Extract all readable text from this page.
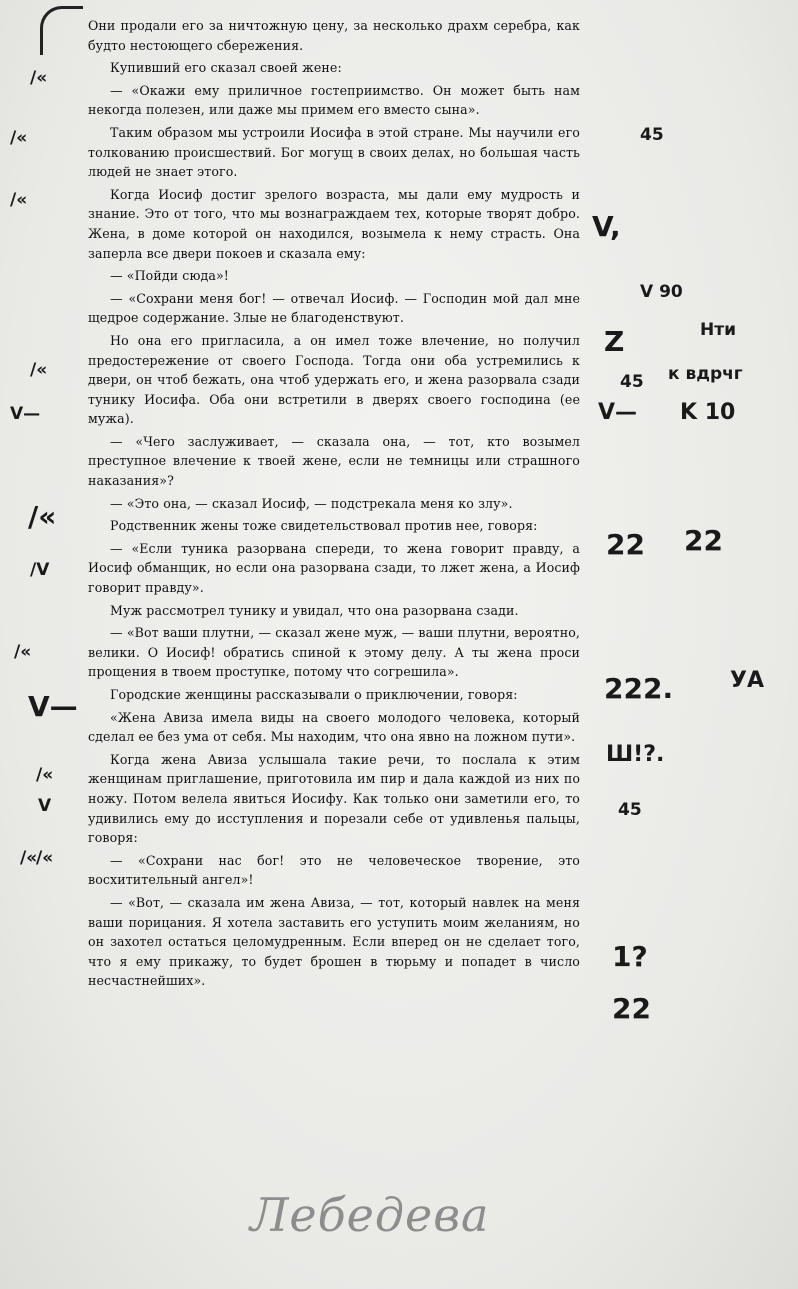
Они продали его за ничтожную цену, за несколько драхм серебра, как будто нестоющего сбережения.

Купивший его сказал своей жене:

— «Окажи ему приличное гостеприимство. Он может быть нам некогда полезен, или даже мы примем его вместо сына».

Таким образом мы устроили Иосифа в этой стране. Мы научили его толкованию происшествий. Бог могущ в своих делах, но большая часть людей не знает этого.

Когда Иосиф достиг зрелого возраста, мы дали ему мудрость и знание. Это от того, что мы вознаграждаем тех, которые творят добро. Жена, в доме которой он находился, возымела к нему страсть. Она заперла все двери покоев и сказала ему:

— «Пойди сюда»!

— «Сохрани меня бог! — отвечал Иосиф. — Господин мой дал мне щедрое содержание. Злые не благоденствуют.

Но она его пригласила, а он имел тоже влечение, но получил предостережение от своего Господа. Тогда они оба устремились к двери, он чтоб бежать, она чтоб удержать его, и жена разорвала сзади тунику Иосифа. Оба они встретили в дверях своего господина (ее мужа).

— «Чего заслуживает, — сказала она, — тот, кто возымел преступное влечение к твоей жене, если не темницы или страшного наказания»?

— «Это она, — сказал Иосиф, — подстрекала меня ко злу».

Родственник жены тоже свидетельствовал против нее, говоря:

— «Если туника разорвана спереди, то жена говорит правду, а Иосиф обманщик, но если она разорвана сзади, то лжет жена, а Иосиф говорит правду».

Муж рассмотрел тунику и увидал, что она разорвана сзади.

— «Вот ваши плутни, — сказал жене муж, — ваши плутни, вероятно, велики. О Иосиф! обратись спиной к этому делу. А ты жена проси прощения в твоем проступке, потому что согрешила».

Городские женщины рассказывали о приключении, говоря:

«Жена Авиза имела виды на своего молодого человека, который сделал ее без ума от себя. Мы находим, что она явно на ложном пути».

Когда жена Авиза услышала такие речи, то послала к этим женщинам приглашение, приготовила им пир и дала каждой из них по ножу. Потом велела явиться Иосифу. Как только они заметили его, то удивились ему до исступления и порезали себе от удивленья пальцы, говоря:

— «Сохрани нас бог! это не человеческое творение, это восхитительный ангел»!

— «Вот, — сказала им жена Авиза, — тот, который навлек на меня ваши порицания. Я хотела заставить его уступить моим желаниям, но он захотел остаться целомудренным. Если вперед он не сделает того, что я ему прикажу, то будет брошен в тюрьму и попадет в число несчастнейших».

/«
/«
/«
/«
V—
/«
/V
/«
V—
/«
/«
V
/«
45
V,
V 90
Z	Hти
45 к вдрчг
V— K 10
22 22
222.	УА
Ш!?.
45
1?
22
Лебедева
